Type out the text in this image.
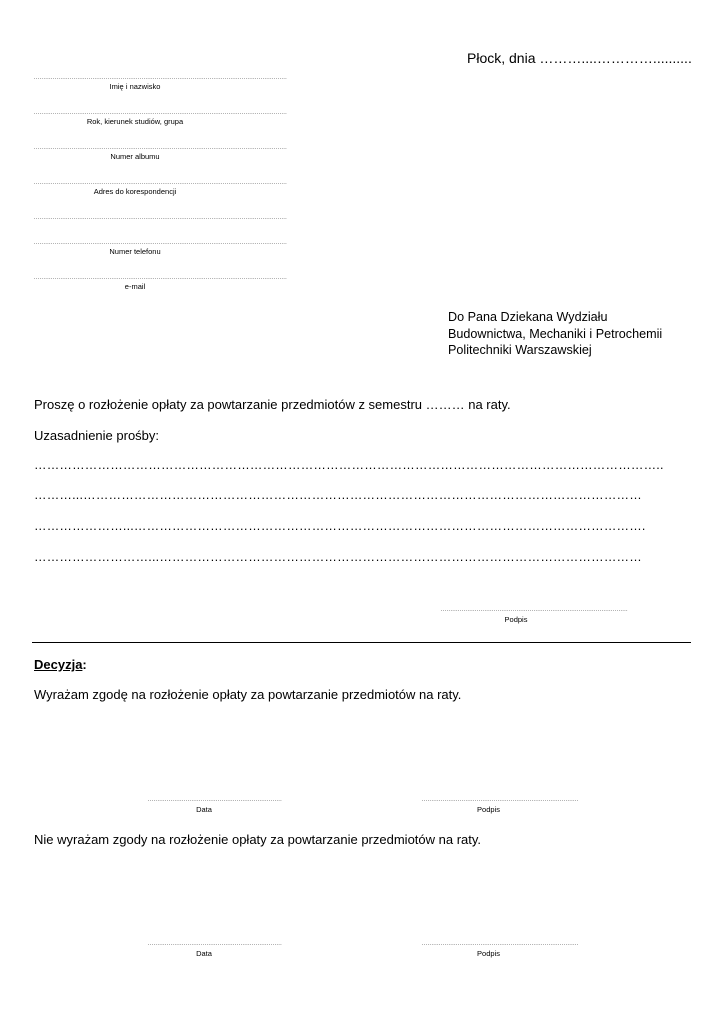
Płock, dnia ………....…………..........
......................................................................................................................................
Imię i nazwisko
......................................................................................................................................
Rok, kierunek studiów, grupa
......................................................................................................................................
Numer albumu
......................................................................................................................................
Adres do korespondencji
......................................................................................................................................
......................................................................................................................................
Numer telefonu
......................................................................................................................................
e-mail
Do Pana Dziekana Wydziału
Budownictwa, Mechaniki i Petrochemii
Politechniki Warszawskiej
Proszę o rozłożenie opłaty za powtarzanie przedmiotów z semestru ……… na raty.
Uzasadnienie prośby:
…………………………………………………………………………………………………………………………………..
………...……………………………………………………………………………………………………………………
…………………...………………………………………………………………………………………………………….
………………………...……………………………………………………………………………………………………
...................................................................................................
Podpis
Decyzja:
Wyrażam zgodę na rozłożenie opłaty za powtarzanie przedmiotów na raty.
.......................................................................
Data
...................................................................................
Podpis
Nie wyrażam zgody na rozłożenie opłaty za powtarzanie przedmiotów na raty.
.......................................................................
Data
...................................................................................
Podpis
